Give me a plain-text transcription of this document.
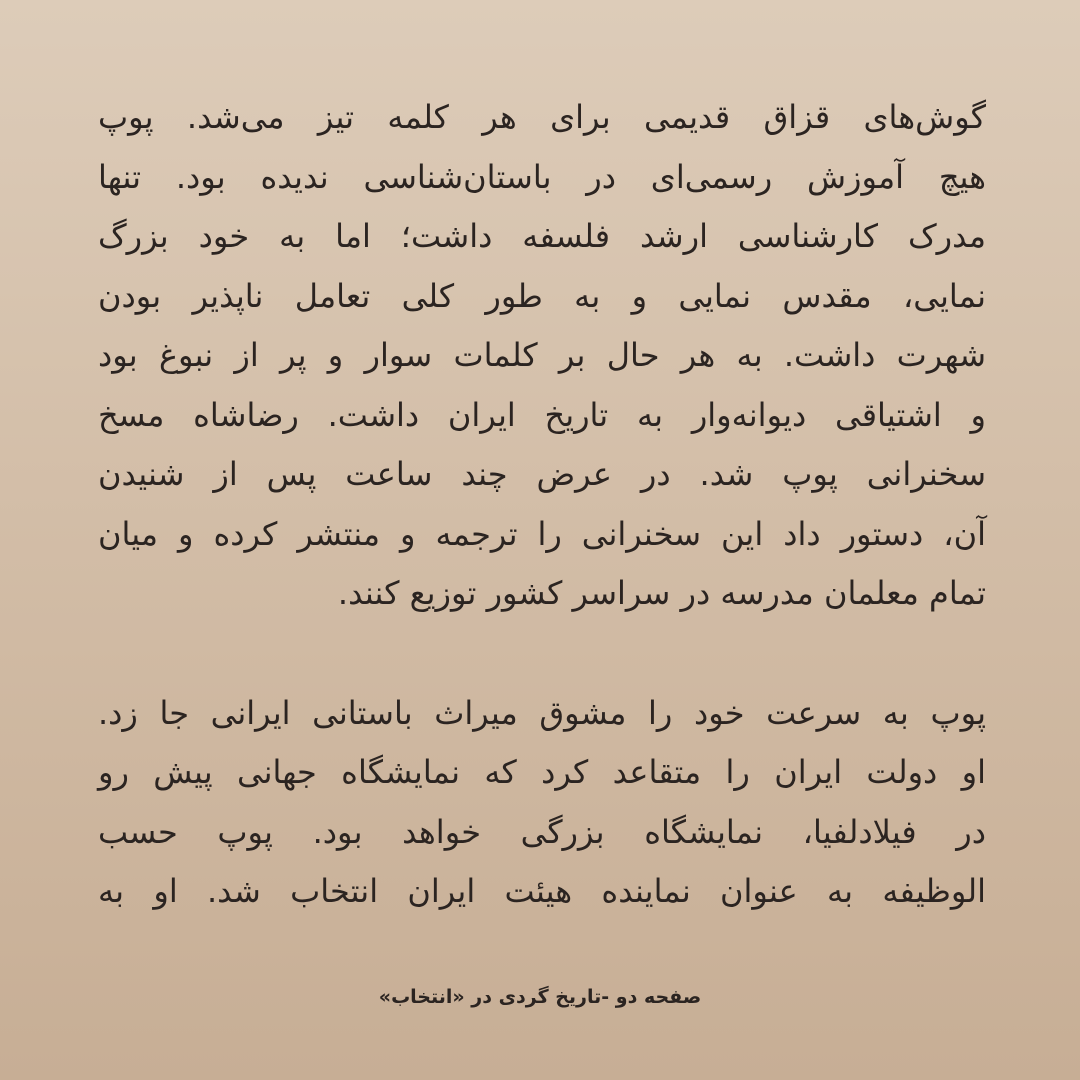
گوش‌های قزاق قدیمی برای هر کلمه تیز می‌شد. پوپ
هیچ آموزش رسمی‌ای در باستان‌شناسی ندیده بود. تنها
مدرک کارشناسی ارشد فلسفه داشت؛ اما به خود بزرگ
نمایی، مقدس نمایی و به طور کلی تعامل ناپذیر بودن
شهرت داشت. به هر حال بر کلمات سوار و پر از نبوغ بود
و اشتیاقی دیوانه‌وار به تاریخ ایران داشت. رضاشاه مسخ
سخنرانی پوپ شد. در عرض چند ساعت پس از شنیدن
آن، دستور داد این سخنرانی را ترجمه و منتشر کرده و میان
تمام معلمان مدرسه در سراسر کشور توزیع کنند.
پوپ به سرعت خود را مشوق میراث باستانی ایرانی جا زد.
او دولت ایران را متقاعد کرد که نمایشگاه جهانی پیش رو
در فیلادلفیا، نمایشگاه بزرگی خواهد بود. پوپ حسب
الوظیفه به عنوان نماینده هیئت ایران انتخاب شد. او به
صفحه دو -تاریخ گردی در «انتخاب»
